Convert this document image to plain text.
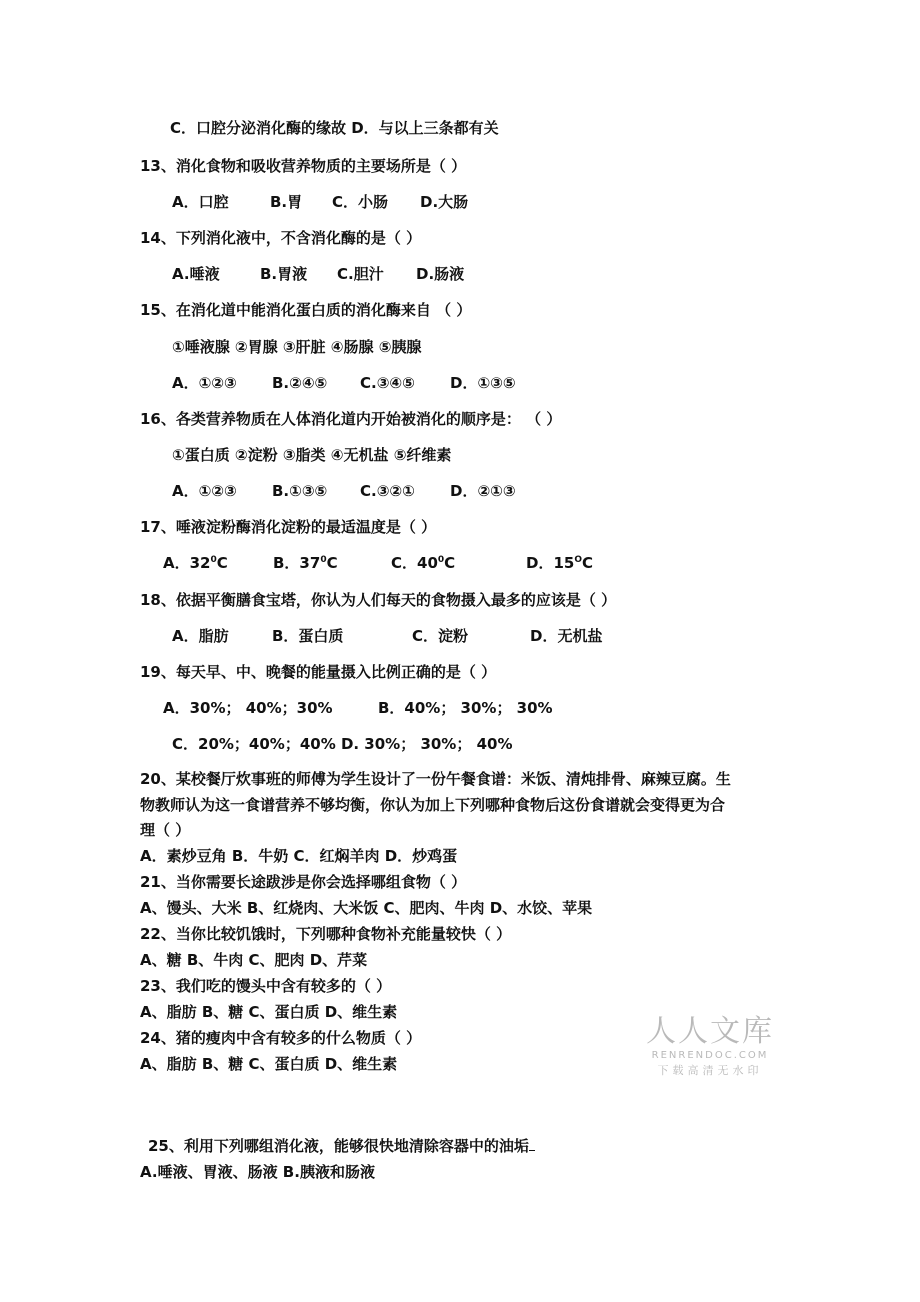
C．口腔分泌消化酶的缘故 D．与以上三条都有关
13、消化食物和吸收营养物质的主要场所是（ ）
A．口腔	B.胃 C．小肠 D.大肠
14、下列消化液中，不含消化酶的是（ ）
A.唾液	B.胃液 C.胆汁 D.肠液
15、在消化道中能消化蛋白质的消化酶来自 （ ）
①唾液腺 ②胃腺 ③肝脏 ④肠腺 ⑤胰腺
A．①②③ B.②④⑤ C.③④⑤ D．①③⑤
16、各类营养物质在人体消化道内开始被消化的顺序是： （ ）
①蛋白质 ②淀粉 ③脂类 ④无机盐 ⑤纤维素
A．①②③ B.①③⑤ C.③②① D．②①③
17、唾液淀粉酶消化淀粉的最适温度是（ ）
A．$32^0C$	B．$37^0C$	C．$40^0C$	D．$15^OC$
18、依据平衡膳食宝塔，你认为人们每天的食物摄入最多的应该是（ ）
A．脂肪	B．蛋白质	C．淀粉	D．无机盐
19、每天早、中、晚餐的能量摄入比例正确的是（ ）
A．30%； 40%；30%	B．40%； 30%； 30%
C．20%；40%；40% D. 30%； 30%； 40%
20、某校餐厅炊事班的师傅为学生设计了一份午餐食谱：米饭、清炖排骨、麻辣豆腐。生
物教师认为这一食谱营养不够均衡，你认为加上下列哪种食物后这份食谱就会变得更为合
理（ ）
A．素炒豆角 B．牛奶 C．红焖羊肉 D．炒鸡蛋
21、当你需要长途跋涉是你会选择哪组食物（ ）
A、馒头、大米 B、红烧肉、大米饭 C、肥肉、牛肉 D、水饺、苹果
22、当你比较饥饿时，下列哪种食物补充能量较快（ ）
A、糖 B、牛肉 C、肥肉 D、芹菜
23、我们吃的馒头中含有较多的（ ）
A、脂肪 B、糖 C、蛋白质 D、维生素
24、猪的瘦肉中含有较多的什么物质（ ）
A、脂肪 B、糖 C、蛋白质 D、维生素
25、利用下列哪组消化液，能够很快地清除容器中的油垢
A.唾液、胃液、肠液 B.胰液和肠液
人人文库
RENRENDOC.COM
下载高清无水印
